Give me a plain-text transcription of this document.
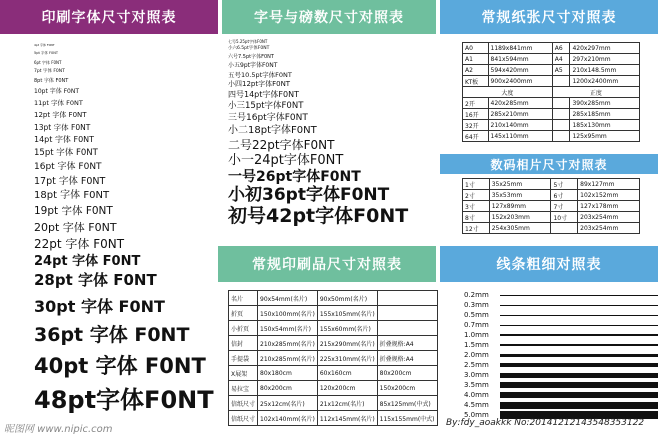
印刷字体尺寸对照表	字号与磅数尺寸对照表	常规纸张尺寸对照表
数码相片尺寸对照表
常规印刷品尺寸对照表	线条粗细对照表
4pt 字体 F0NT
5pt 字体 F0NT
6pt 字体 F0NT
7pt 字体 F0NT
8pt 字体 F0NT
10pt 字体 F0NT
11pt 字体 F0NT
12pt 字体 F0NT
13pt 字体 F0NT
14pt 字体 F0NT
15pt 字体 F0NT
16pt 字体 F0NT
17pt 字体 F0NT
18pt 字体 F0NT
19pt 字体 F0NT
20pt 字体 F0NT
22pt 字体 F0NT
24pt 字体 F0NT
28pt 字体 F0NT
30pt 字体 F0NT
36pt 字体 F0NT
40pt 字体 F0NT
48pt字体F0NT
七号5.25pt字体F0NT
小六6.5pt字体F0NT
六号7.5pt字体F0NT
小五9pt字体F0NT
五号10.5pt字体F0NT
小四12pt字体F0NT
四号14pt字体F0NT
小三15pt字体F0NT
三号16pt字体F0NT
小二18pt字体F0NT
二号22pt字体F0NT
小一24pt字体F0NT
一号26pt字体F0NT
小初36pt字体F0NT
初号42pt字体F0NT
A0	1189x841mm	A6	420x297mm
A1	841x594mm	A4	297x210mm
A2	594x420mm	A5	210x148.5mm
KT板	900x2400mm		1200x2400mm
大度		正度	
2开	420x285mm		390x285mm
16开	285x210mm		285x185mm
32开	210x140mm		185x130mm
64开	145x110mm		125x95mm
1寸	35x25mm	5寸	89x127mm
2寸	35x53mm	6寸	102x152mm
3寸	127x89mm	7寸	127x178mm
8寸	152x203mm	10寸	203x254mm
12寸	254x305mm		203x254mm
名片	90x54mm(名片)	90x50mm(名片)	
折页	150x100mm(名片)	155x105mm(名片)	
小折页	150x54mm(名片)	155x60mm(名片)	
信封	210x285mm(名片)	215x290mm(名片)	折叠规格:A4
手提袋	210x285mm(名片)	225x310mm(名片)	折叠规格:A4
X展架	80x180cm	60x160cm	80x200cm
易拉宝	80x200cm	120x200cm	150x200cm
信纸尺寸	25x12cm(名片)	21x12cm(名片)	85x125mm(中式)
信纸尺寸	102x140mm(名片)	112x145mm(名片)	115x155mm(中式)
0.2mm
0.3mm
0.5mm
0.7mm
1.0mm
1.5mm
2.0mm
2.5mm
3.0mm
3.5mm
4.0mm
4.5mm
5.0mm
昵图网 www.nipic.com
By:fdy_aoakkk No:20141212143548353122
